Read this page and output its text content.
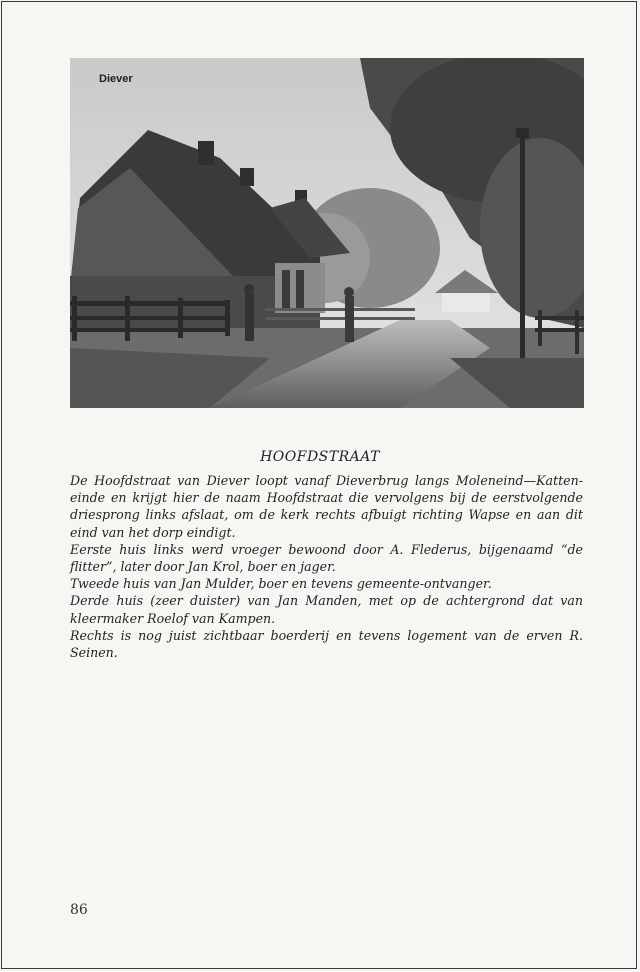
Diever
HOOFDSTRAAT

De Hoofdstraat van Diever loopt vanaf Dieverbrug langs Moleneind—Katten-einde en krijgt hier de naam Hoofdstraat die vervolgens bij de eerstvolgende driesprong links afslaat, om de kerk rechts afbuigt richting Wapse en aan dit eind van het dorp eindigt.

Eerste huis links werd vroeger bewoond door A. Flederus, bijgenaamd “de flitter”, later door Jan Krol, boer en jager.

Tweede huis van Jan Mulder, boer en tevens gemeente-ontvanger.

Derde huis (zeer duister) van Jan Manden, met op de achtergrond dat van kleermaker Roelof van Kampen.

Rechts is nog juist zichtbaar boerderij en tevens logement van de erven R. Seinen.

86
